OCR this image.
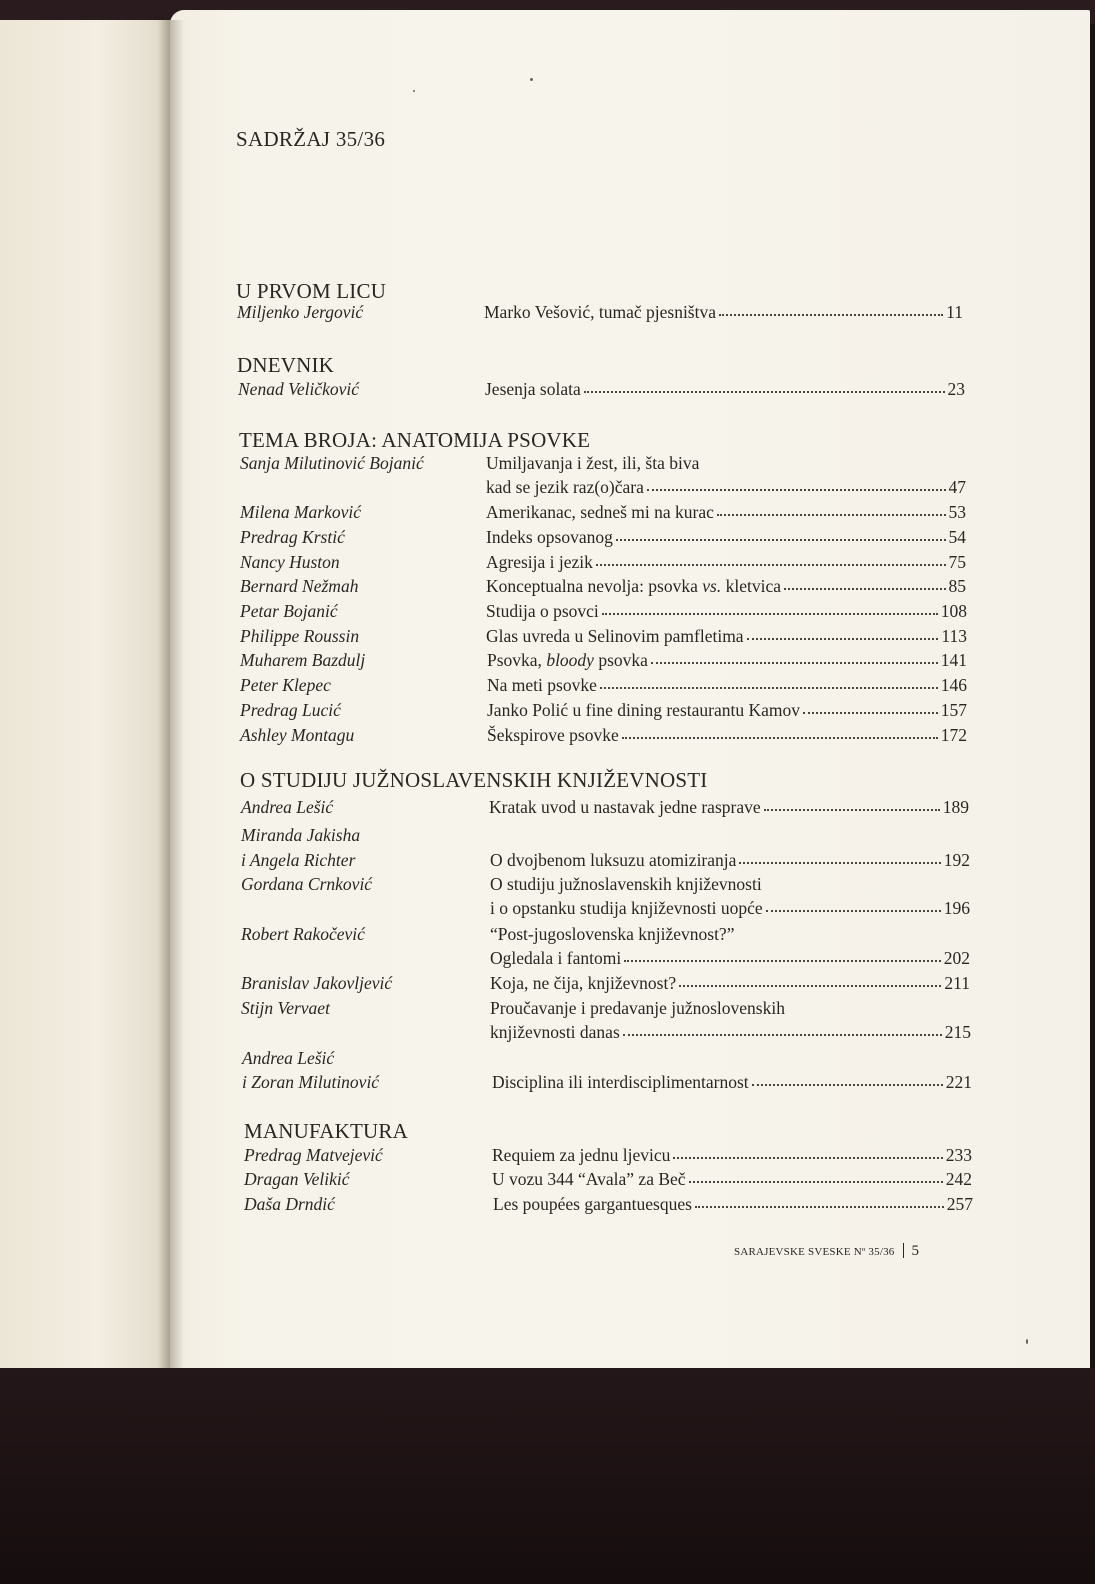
SADRŽAJ 35/36
U PRVOM LICU
Miljenko Jergović	Marko Vešović, tumač pjesništva	11
DNEVNIK
Nenad Veličković	Jesenja solata	23
TEMA BROJA: ANATOMIJA PSOVKE
Sanja Milutinović Bojanić	Umiljavanja i žest, ili, šta biva
kad se jezik raz(o)čara	47
Milena Marković	Amerikanac, sedneš mi na kurac	53
Predrag Krstić	Indeks opsovanog	54
Nancy Huston	Agresija i jezik	75
Bernard Nežmah	Konceptualna nevolja: psovka vs. kletvica	85
Petar Bojanić	Studija o psovci	108
Philippe Roussin	Glas uvreda u Selinovim pamfletima	113
Muharem Bazdulj	Psovka, bloody psovka	141
Peter Klepec	Na meti psovke	146
Predrag Lucić	Janko Polić u fine dining restaurantu Kamov	157
Ashley Montagu	Šekspirove psovke	172
O STUDIJU JUŽNOSLAVENSKIH KNJIŽEVNOSTI
Andrea Lešić	Kratak uvod u nastavak jedne rasprave	189
Miranda Jakisha
i Angela Richter	O dvojbenom luksuzu atomiziranja	192
Gordana Crnković	O studiju južnoslavenskih književnosti
i o opstanku studija književnosti uopće	196
Robert Rakočević	“Post-jugoslovenska književnost?”
Ogledala i fantomi	202
Branislav Jakovljević	Koja, ne čija, književnost?	211
Stijn Vervaet	Proučavanje i predavanje južnoslovenskih
književnosti danas	215
Andrea Lešić
i Zoran Milutinović	Disciplina ili interdisciplimentarnost	221
MANUFAKTURA
Predrag Matvejević	Requiem za jednu ljevicu	233
Dragan Velikić	U vozu 344 “Avala” za Beč	242
Daša Drndić	Les poupées gargantuesques	257
SARAJEVSKE SVESKE Nº 35/36 5
